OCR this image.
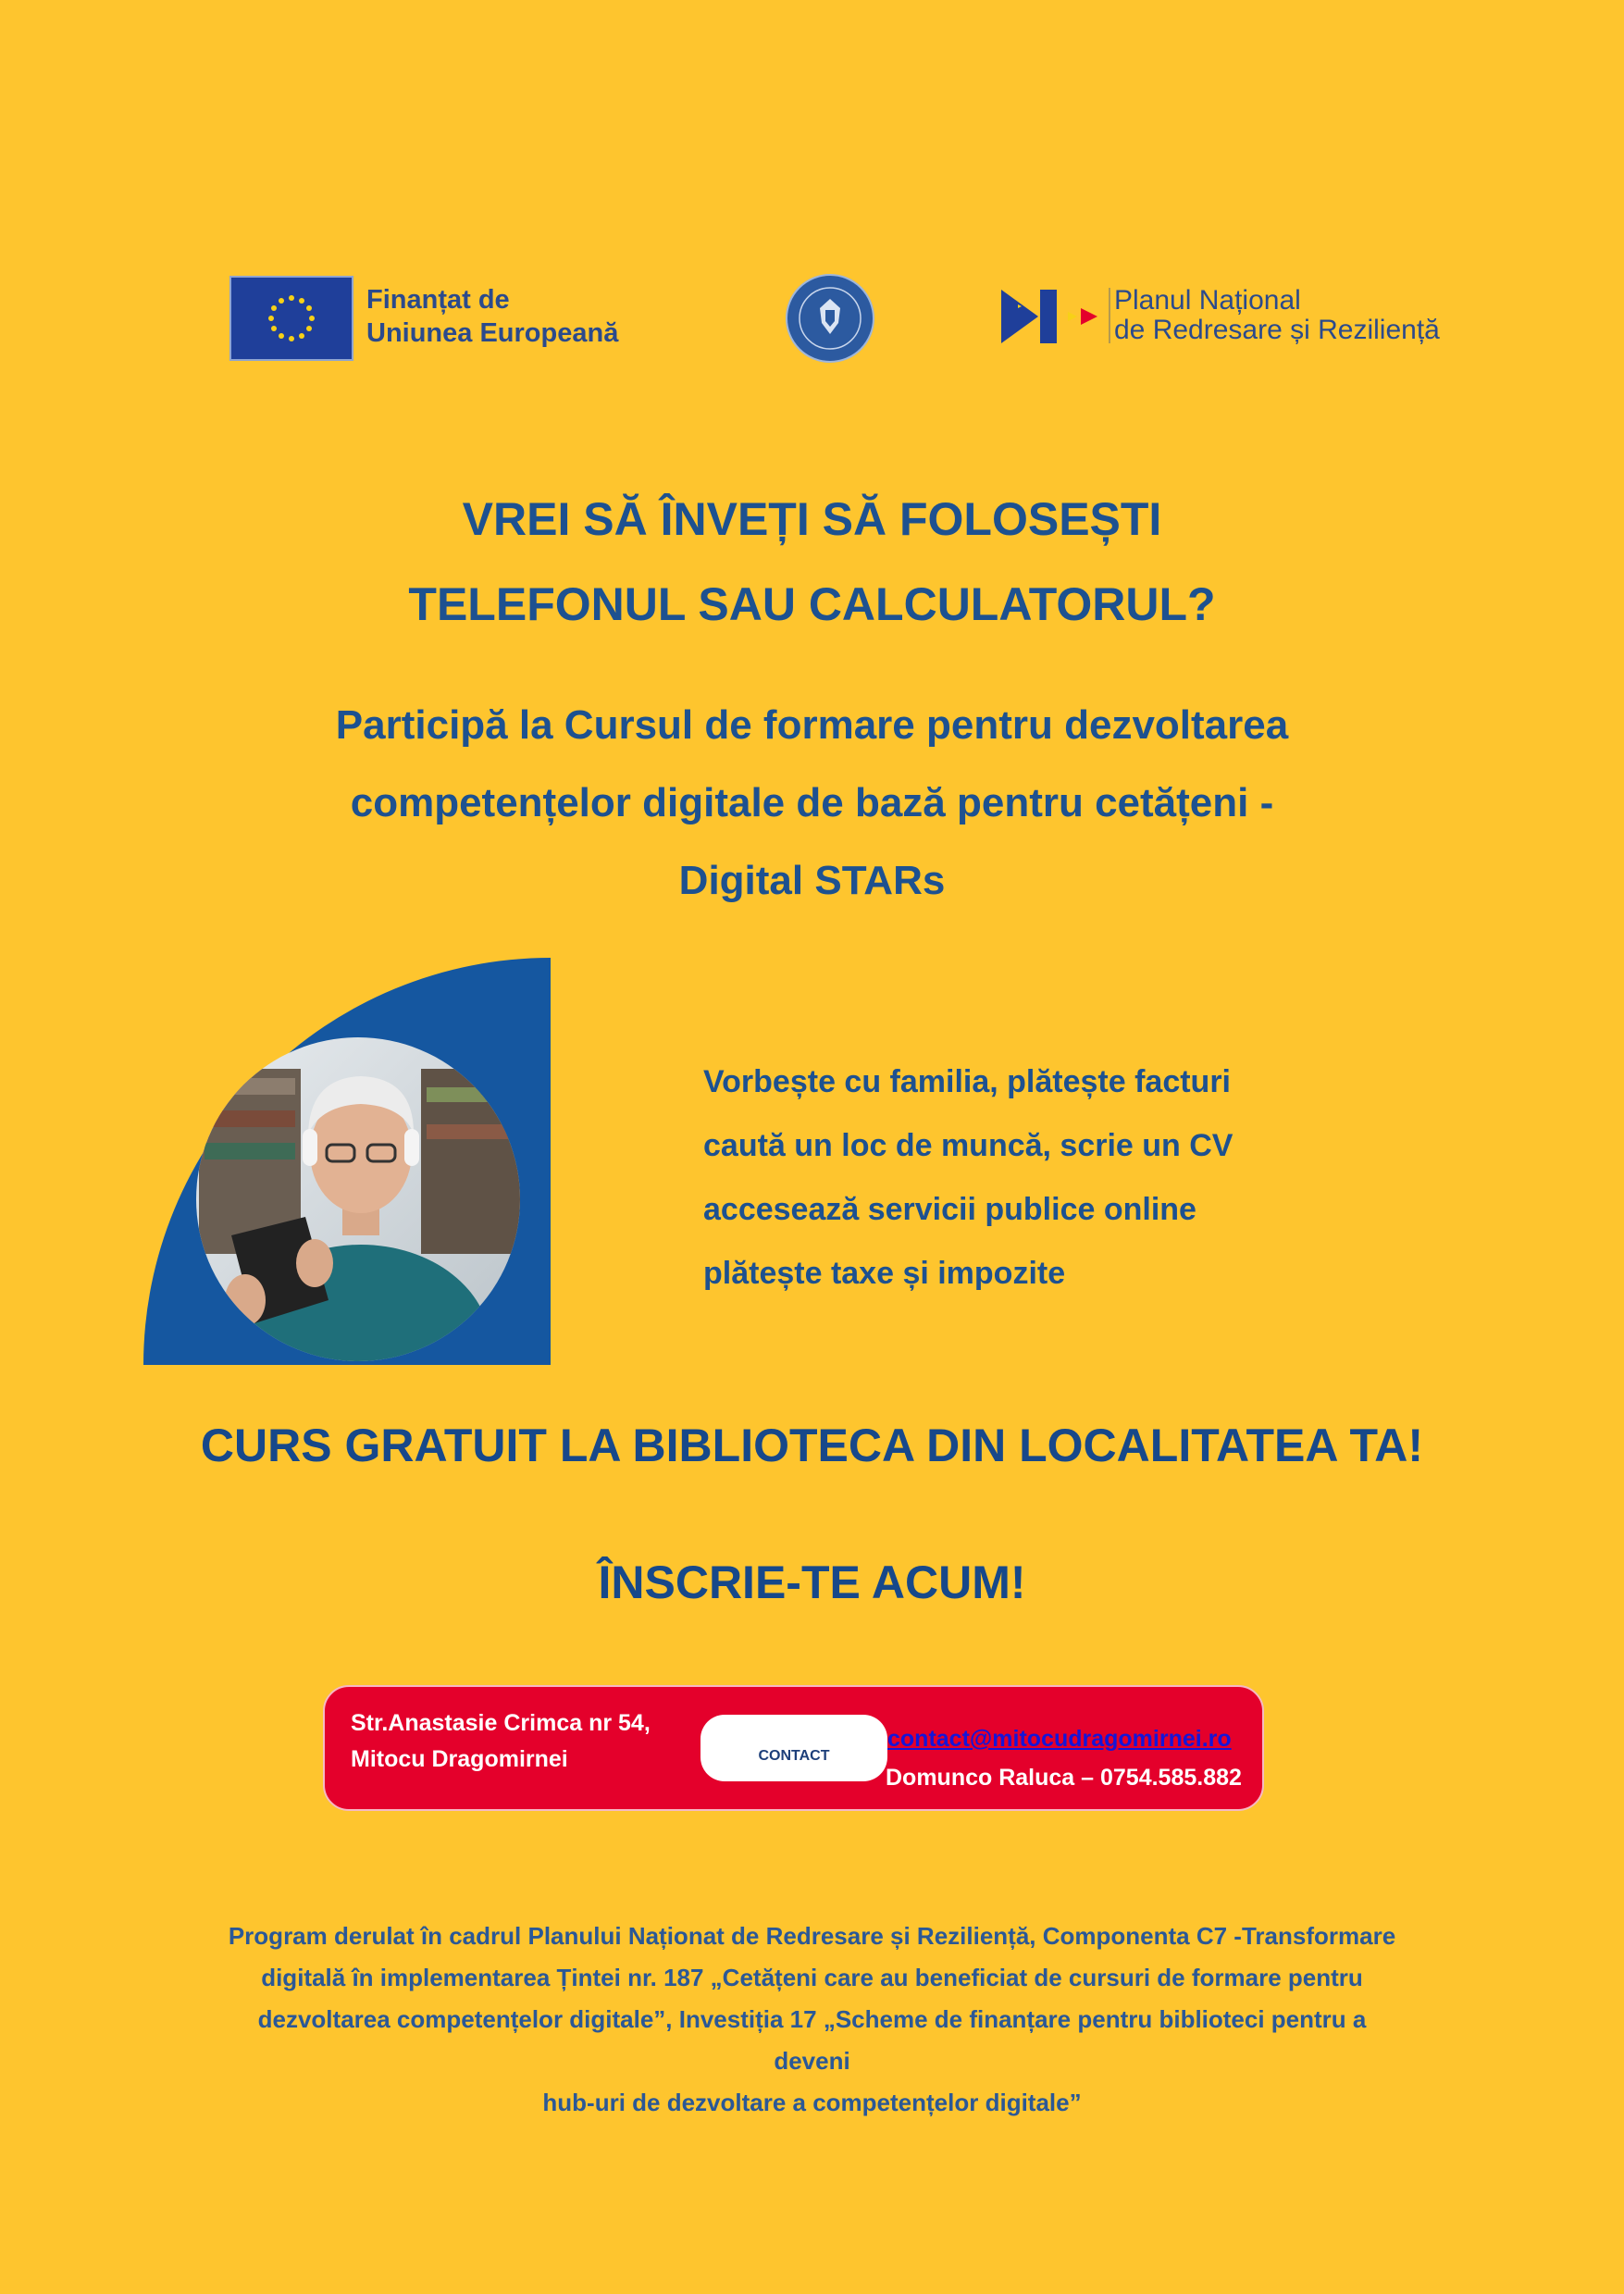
Finanțat de
Uniunea Europeană
Planul Național
de Redresare și Reziliență
VREI SĂ ÎNVEȚI SĂ FOLOSEȘTI
TELEFONUL SAU CALCULATORUL?
Participă la Cursul de formare pentru dezvoltarea
competențelor digitale de bază pentru cetățeni -
Digital STARs
Vorbește cu familia, plătește facturi
caută un loc de muncă, scrie un CV
accesează servicii publice online
plătește taxe și impozite
CURS GRATUIT LA BIBLIOTECA DIN LOCALITATEA TA!
ÎNSCRIE-TE ACUM!
Str.Anastasie Crimca nr 54,
Mitocu Dragomirnei	CONTACT
contact@mitocudragomirnei.ro
Domunco Raluca – 0754.585.882
Program derulat în cadrul Planului Naționat de Redresare și Reziliență, Componenta C7 -Transformare
digitală în implementarea Țintei nr. 187 „Cetățeni care au beneficiat de cursuri de formare pentru
dezvoltarea competențelor digitale”, Investiția 17 „Scheme de finanțare pentru biblioteci pentru a deveni
hub-uri de dezvoltare a competențelor digitale”
